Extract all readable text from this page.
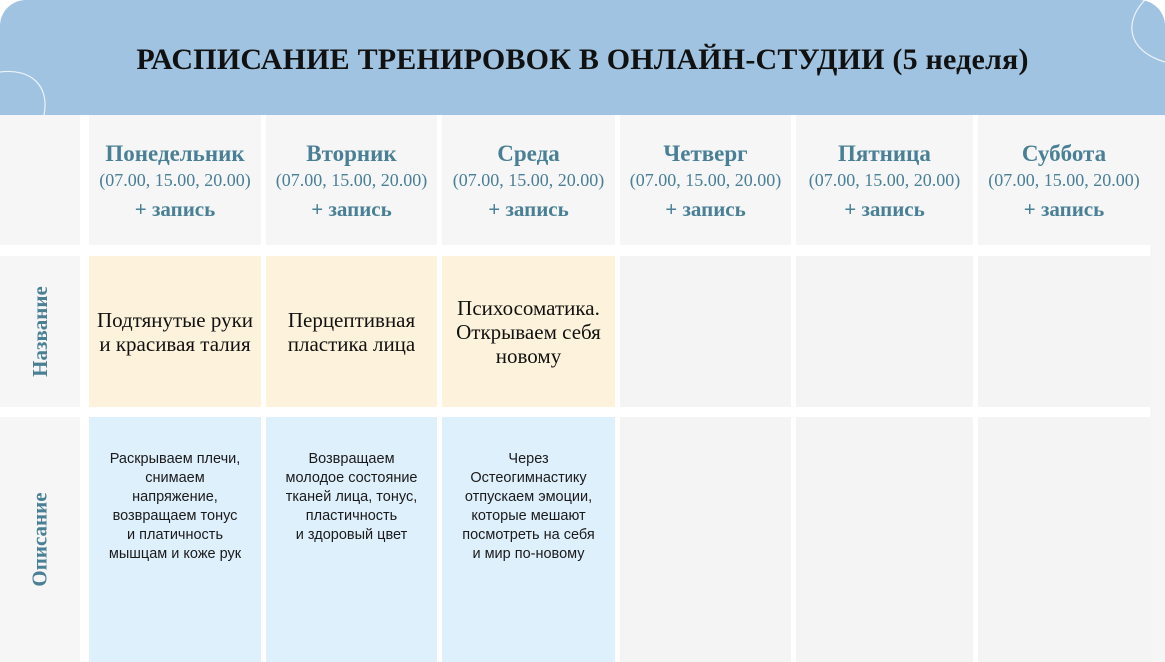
РАСПИСАНИЕ ТРЕНИРОВОК В ОНЛАЙН-СТУДИИ (5 неделя)
Название
Описание
Понедельник
(07.00, 15.00, 20.00)
+ запись
Подтянутые руки и красивая талия
Раскрываем плечи,
снимаем
напряжение,
возвращаем тонус
и платичность
мышцам и коже рук
Вторник
(07.00, 15.00, 20.00)
+ запись
Перцептивная пластика лица
Возвращаем
молодое состояние
тканей лица, тонус,
пластичность
и здоровый цвет
Среда
(07.00, 15.00, 20.00)
+ запись
Психосоматика. Открываем себя новому
Через
Остеогимнастику
отпускаем эмоции,
которые мешают
посмотреть на себя
и мир по-новому
Четверг
(07.00, 15.00, 20.00)
+ запись
Пятница
(07.00, 15.00, 20.00)
+ запись
Суббота
(07.00, 15.00, 20.00)
+ запись
